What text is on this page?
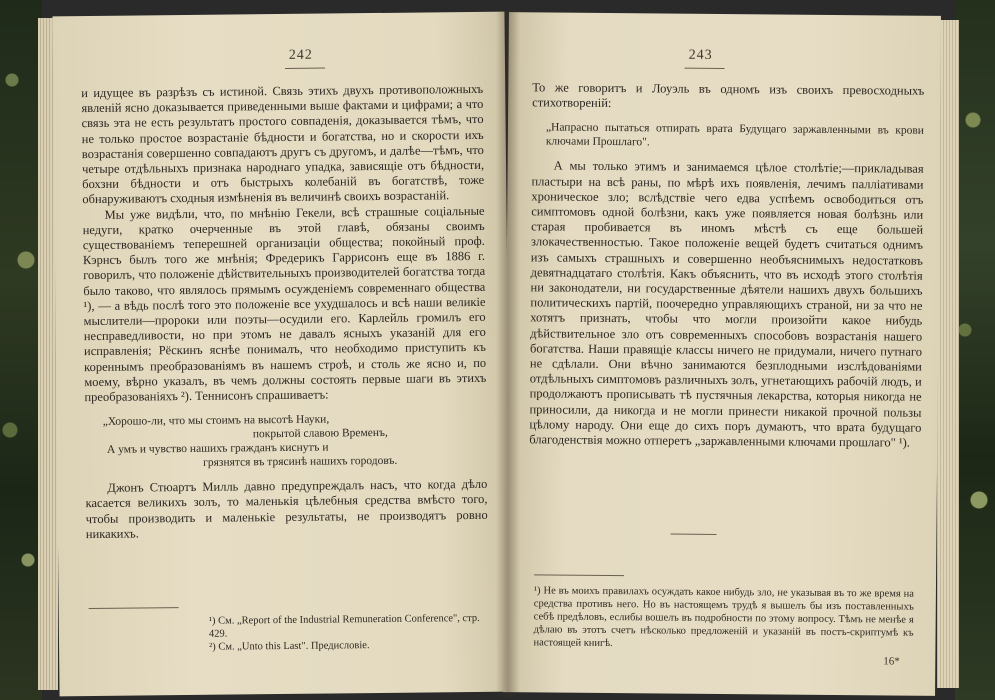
242

и идущее въ разрѣзъ съ истиной. Связь этихъ двухъ противоположныхъ явленій ясно доказывается приведенными выше фактами и цифрами; а что связь эта не есть результатъ простого совпаденія, доказывается тѣмъ, что не только простое возрастаніе бѣдности и богатства, но и скорости ихъ возрастанія совершенно совпадаютъ другъ съ другомъ, и далѣе—тѣмъ, что четыре отдѣльныхъ признака народнаго упадка, зависящіе отъ бѣдности, бохзни бѣдности и отъ быстрыхъ колебаній въ богатствѣ, тоже обнаруживаютъ сходныя измѣненія въ величинѣ своихъ возрастаній.

Мы уже видѣли, что, по мнѣнію Гекели, всѣ страшные соціальные недуги, кратко очерченные въ этой главѣ, обязаны своимъ существованіемъ теперешней организаціи общества; покойный проф. Кэрнсъ былъ того же мнѣнія; Фредерикъ Гаррисонъ еще въ 1886 г. говорилъ, что положеніе дѣйствительныхъ производителей богатства тогда было таково, что являлось прямымъ осужденіемъ современнаго общества ¹), — а вѣдь послѣ того это положеніе все ухудшалось и всѣ наши великіе мыслители—пророки или поэты—осудили его. Карлейль громилъ его несправедливости, но при этомъ не давалъ ясныхъ указаній для его исправленія; Рёскинъ яснѣе понималъ, что необходимо приступить къ кореннымъ преобразованіямъ въ нашемъ строѣ, и столь же ясно и, по моему, вѣрно указалъ, въ чемъ должны состоять первые шаги въ этихъ преобразованіяхъ ²). Теннисонъ спрашиваетъ:

„Хорошо-ли, что мы стоимъ на высотѣ Науки,
покрытой славою Временъ,
А умъ и чувство нашихъ гражданъ киснутъ и
грязнятся въ трясинѣ нашихъ городовъ.

Джонъ Стюартъ Милль давно предупреждалъ насъ, что когда дѣло касается великихъ золъ, то маленькія цѣлебныя средства вмѣсто того, чтобы производить и маленькіе результаты, не производятъ ровно никакихъ.

¹) См. „Report of the Industrial Remuneration Conference", стр. 429.
²) См. „Unto this Last". Предисловіе.
243

То же говоритъ и Лоуэль въ одномъ изъ своихъ превосходныхъ стихотвореній:

„Напрасно пытаться отпирать врата Будущаго заржавленными въ крови ключами Прошлаго".

А мы только этимъ и занимаемся цѣлое столѣтіе;—прикладывая пластыри на всѣ раны, по мѣрѣ ихъ появленія, лечимъ палліативами хроническое зло; вслѣдствіе чего едва успѣемъ освободиться отъ симптомовъ одной болѣзни, какъ уже появляется новая болѣзнь или старая пробивается въ иномъ мѣстѣ съ еще большей злокачественностью. Такое положеніе вещей будетъ считаться однимъ изъ самыхъ страшныхъ и совершенно необъяснимыхъ недостатковъ девятнадцатаго столѣтія. Какъ объяснить, что въ исходѣ этого столѣтія ни законодатели, ни государственные дѣятели нашихъ двухъ большихъ политическихъ партій, поочередно управляющихъ страной, ни за что не хотятъ признать, чтобы что могли произойти какое нибудь дѣйствительное зло отъ современныхъ способовъ возрастанія нашего богатства. Наши правящіе классы ничего не придумали, ничего путнаго не сдѣлали. Они вѣчно занимаются безплодными изслѣдованіями отдѣльныхъ симптомовъ различныхъ золъ, угнетающихъ рабочій людъ, и продолжаютъ прописывать тѣ пустячныя лекарства, которыя никогда не приносили, да никогда и не могли принести никакой прочной пользы цѣлому народу. Они еще до сихъ поръ думаютъ, что врата будущаго благоденствія можно отперетъ „заржавленными ключами прошлаго" ¹).

¹) Не въ моихъ правилахъ осуждать какое нибудь зло, не указывая въ то же время на средства противъ него. Но въ настоящемъ трудѣ я вышелъ бы изъ поставленныхъ себѣ предѣловъ, еслибы вошелъ въ подробности по этому вопросу. Тѣмъ не менѣе я дѣлаю въ этотъ счетъ нѣсколько предложеній и указаній въ постъ-скриптумѣ къ настоящей книгѣ.
16*
